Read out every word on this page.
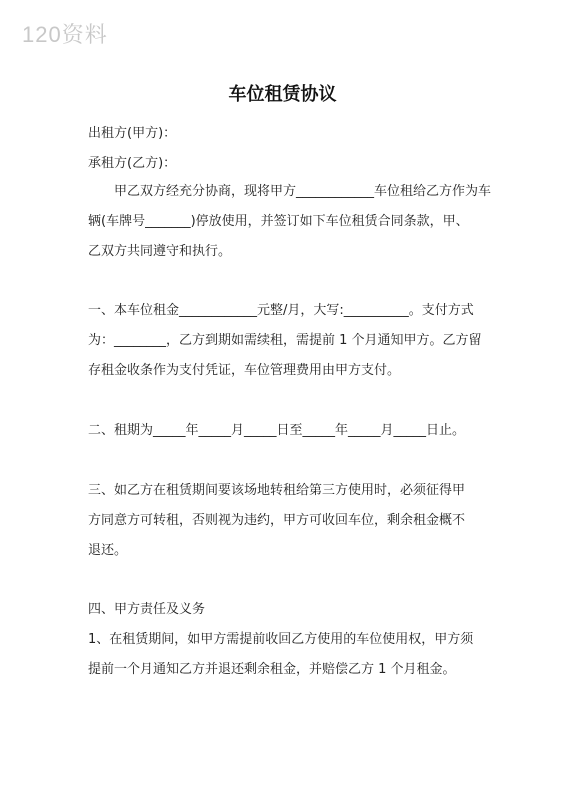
120资料
车位租赁协议
出租方(甲方)：
承租方(乙方)：
　　甲乙双方经充分协商，现将甲方____________车位租给乙方作为车
辆(车牌号_______)停放使用，并签订如下车位租赁合同条款，甲、
乙双方共同遵守和执行。
一、本车位租金____________元整/月，大写:__________。支付方式
为：________，乙方到期如需续租，需提前 1 个月通知甲方。乙方留
存租金收条作为支付凭证，车位管理费用由甲方支付。
二、租期为_____年_____月_____日至_____年_____月_____日止。
三、如乙方在租赁期间要该场地转租给第三方使用时，必须征得甲
方同意方可转租，否则视为违约，甲方可收回车位，剩余租金概不
退还。
四、甲方责任及义务
1、在租赁期间，如甲方需提前收回乙方使用的车位使用权，甲方须
提前一个月通知乙方并退还剩余租金，并赔偿乙方 1 个月租金。
